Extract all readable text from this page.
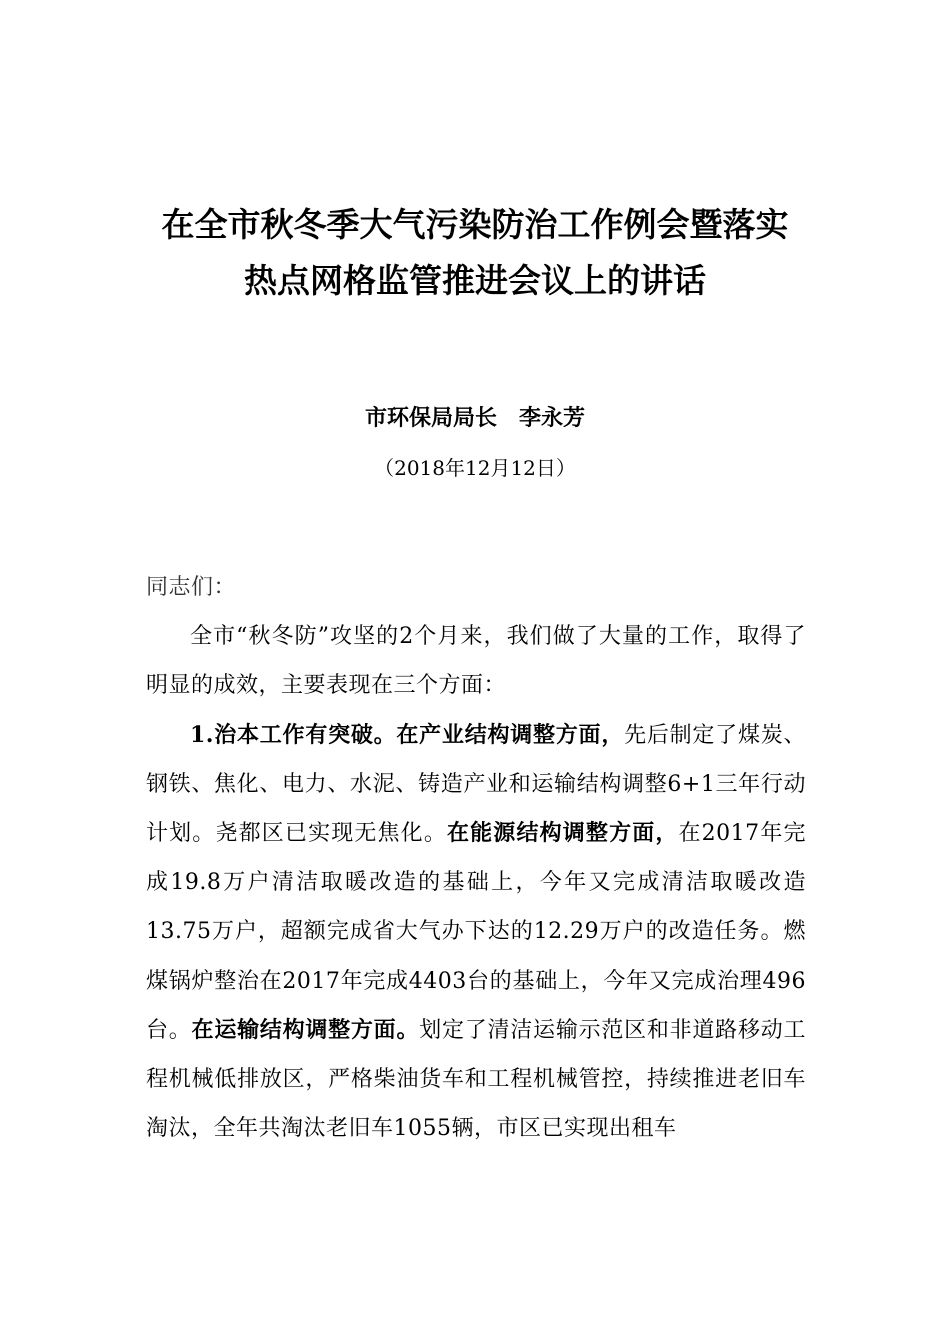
在全市秋冬季大气污染防治工作例会暨落实
热点网格监管推进会议上的讲话
市环保局局长　李永芳
（2018年12月12日）

同志们：

全市“秋冬防”攻坚的2个月来，我们做了大量的工作，取得了明显的成效，主要表现在三个方面：

1.治本工作有突破。在产业结构调整方面，先后制定了煤炭、钢铁、焦化、电力、水泥、铸造产业和运输结构调整6+1三年行动计划。尧都区已实现无焦化。在能源结构调整方面，在2017年完成19.8万户清洁取暖改造的基础上，今年又完成清洁取暖改造13.75万户，超额完成省大气办下达的12.29万户的改造任务。燃煤锅炉整治在2017年完成4403台的基础上，今年又完成治理496台。在运输结构调整方面。划定了清洁运输示范区和非道路移动工程机械低排放区，严格柴油货车和工程机械管控，持续推进老旧车淘汰，全年共淘汰老旧车1055辆，市区已实现出租车
